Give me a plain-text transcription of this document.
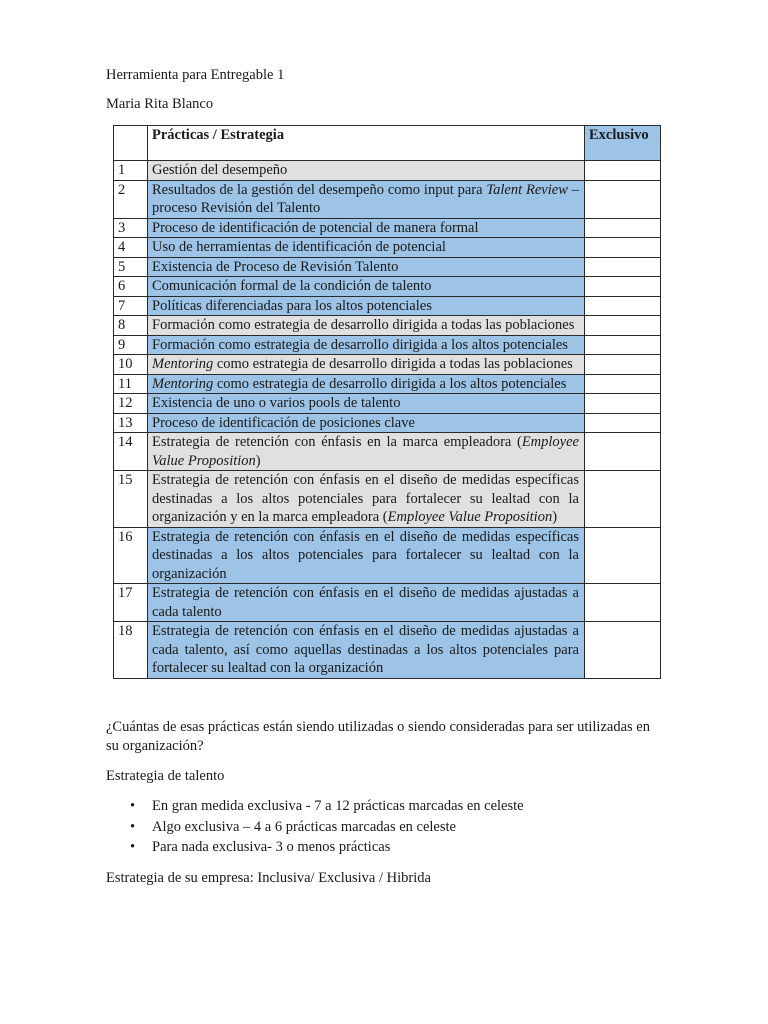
Herramienta para Entregable 1
Maria Rita Blanco
	Prácticas / Estrategia	Exclusivo
1	Gestión del desempeño	
2	Resultados de la gestión del desempeño como input para Talent Review – proceso Revisión del Talento	
3	Proceso de identificación de potencial de manera formal	
4	Uso de herramientas de identificación de potencial	
5	Existencia de Proceso de Revisión Talento	
6	Comunicación formal de la condición de talento	
7	Políticas diferenciadas para los altos potenciales	
8	Formación como estrategia de desarrollo dirigida a todas las poblaciones	
9	Formación como estrategia de desarrollo dirigida a los altos potenciales	
10	Mentoring como estrategia de desarrollo dirigida a todas las poblaciones	
11	Mentoring como estrategia de desarrollo dirigida a los altos potenciales	
12	Existencia de uno o varios pools de talento	
13	Proceso de identificación de posiciones clave	
14	Estrategia de retención con énfasis en la marca empleadora (Employee Value Proposition)	
15	Estrategia de retención con énfasis en el diseño de medidas específicas destinadas a los altos potenciales para fortalecer su lealtad con la organización y en la marca empleadora (Employee Value Proposition)	
16	Estrategia de retención con énfasis en el diseño de medidas específicas destinadas a los altos potenciales para fortalecer su lealtad con la organización	
17	Estrategia de retención con énfasis en el diseño de medidas ajustadas a cada talento	
18	Estrategia de retención con énfasis en el diseño de medidas ajustadas a cada talento, así como aquellas destinadas a los altos potenciales para fortalecer su lealtad con la organización	
¿Cuántas de esas prácticas están siendo utilizadas o siendo consideradas para ser utilizadas en su organización?
Estrategia de talento
• En gran medida exclusiva - 7 a 12 prácticas marcadas en celeste
• Algo exclusiva – 4 a 6 prácticas marcadas en celeste
• Para nada exclusiva- 3 o menos prácticas
Estrategia de su empresa: Inclusiva/ Exclusiva / Hibrida
